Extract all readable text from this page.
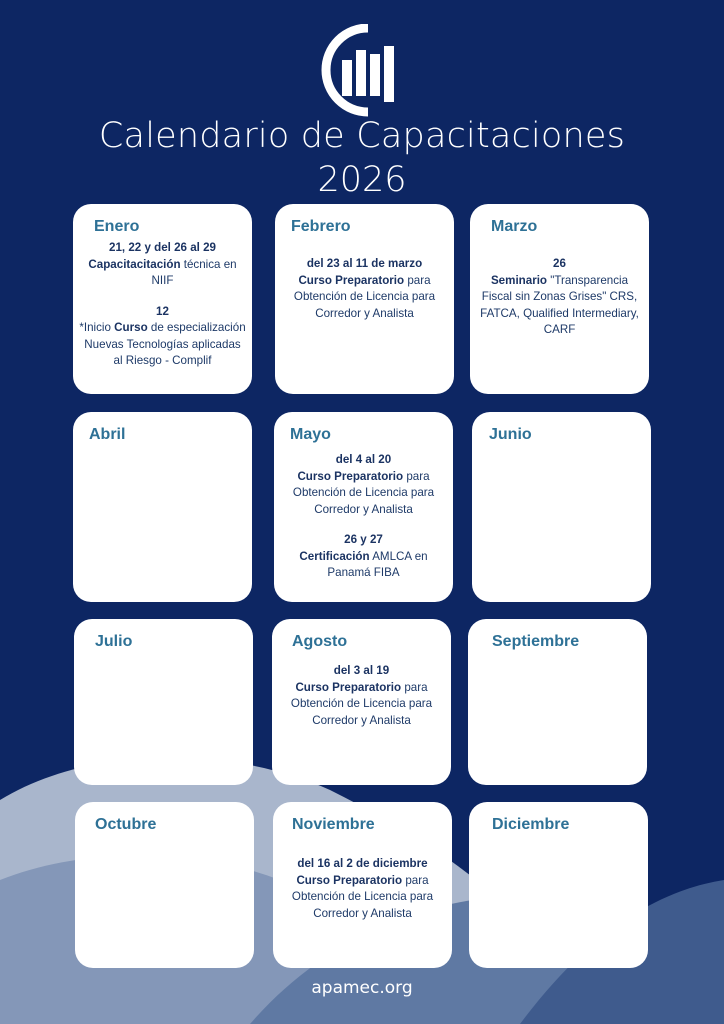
Calendario de Capacitaciones
2026
Enero
21, 22 y del 26 al 29
Capacitacitación técnica en NIIF
12
*Inicio Curso de especialización Nuevas Tecnologías aplicadas al Riesgo - Complif
Febrero
del 23 al 11 de marzo
Curso Preparatorio para Obtención de Licencia para Corredor y Analista
Marzo
26
Seminario "Transparencia Fiscal sin Zonas Grises" CRS, FATCA, Qualified Intermediary, CARF
Abril	Mayo
del 4 al 20
Curso Preparatorio para Obtención de Licencia para Corredor y Analista
26 y 27
Certificación AMLCA en Panamá FIBA
Junio
Julio	Agosto
del 3 al 19
Curso Preparatorio para Obtención de Licencia para Corredor y Analista
Septiembre
Octubre	Noviembre
del 16 al 2 de diciembre
Curso Preparatorio para Obtención de Licencia para Corredor y Analista
Diciembre
apamec.org
